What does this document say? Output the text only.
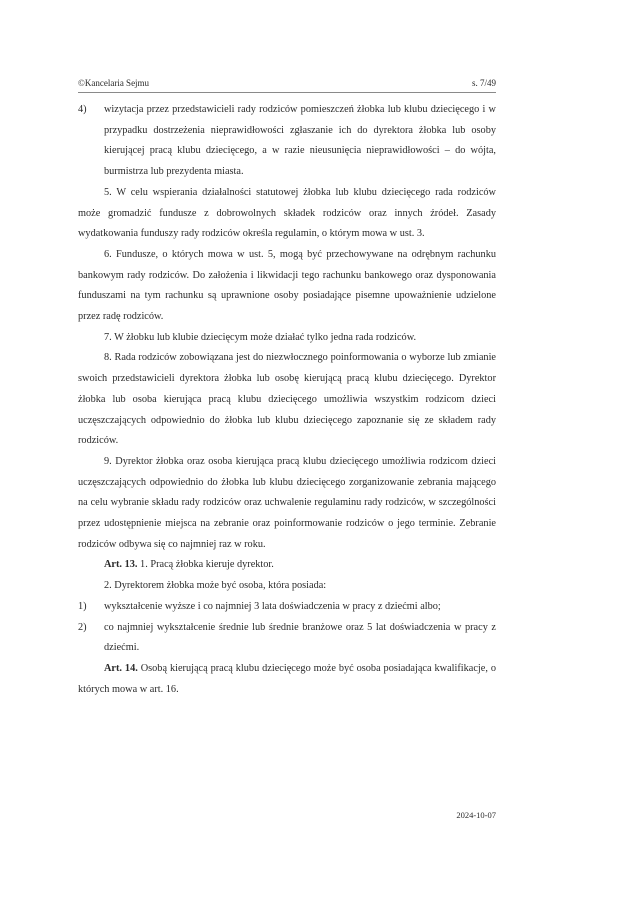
©Kancelaria Sejmu	s. 7/49
4)	wizytacja przez przedstawicieli rady rodziców pomieszczeń żłobka lub klubu dziecięcego i w przypadku dostrzeżenia nieprawidłowości zgłaszanie ich do dyrektora żłobka lub osoby kierującej pracą klubu dziecięcego, a w razie nieusunięcia nieprawidłowości – do wójta, burmistrza lub prezydenta miasta.

5. W celu wspierania działalności statutowej żłobka lub klubu dziecięcego rada rodziców może gromadzić fundusze z dobrowolnych składek rodziców oraz innych źródeł. Zasady wydatkowania funduszy rady rodziców określa regulamin, o którym mowa w ust. 3.

6. Fundusze, o których mowa w ust. 5, mogą być przechowywane na odrębnym rachunku bankowym rady rodziców. Do założenia i likwidacji tego rachunku bankowego oraz dysponowania funduszami na tym rachunku są uprawnione osoby posiadające pisemne upoważnienie udzielone przez radę rodziców.

7. W żłobku lub klubie dziecięcym może działać tylko jedna rada rodziców.

8. Rada rodziców zobowiązana jest do niezwłocznego poinformowania o wyborze lub zmianie swoich przedstawicieli dyrektora żłobka lub osobę kierującą pracą klubu dziecięcego. Dyrektor żłobka lub osoba kierująca pracą klubu dziecięcego umożliwia wszystkim rodzicom dzieci uczęszczających odpowiednio do żłobka lub klubu dziecięcego zapoznanie się ze składem rady rodziców.

9. Dyrektor żłobka oraz osoba kierująca pracą klubu dziecięcego umożliwia rodzicom dzieci uczęszczających odpowiednio do żłobka lub klubu dziecięcego zorganizowanie zebrania mającego na celu wybranie składu rady rodziców oraz uchwalenie regulaminu rady rodziców, w szczególności przez udostępnienie miejsca na zebranie oraz poinformowanie rodziców o jego terminie. Zebranie rodziców odbywa się co najmniej raz w roku.

Art. 13. 1. Pracą żłobka kieruje dyrektor.

2. Dyrektorem żłobka może być osoba, która posiada:

1)	wykształcenie wyższe i co najmniej 3 lata doświadczenia w pracy z dziećmi albo;
2)	co najmniej wykształcenie średnie lub średnie branżowe oraz 5 lat doświadczenia w pracy z dziećmi.

Art. 14. Osobą kierującą pracą klubu dziecięcego może być osoba posiadająca kwalifikacje, o których mowa w art. 16.

2024-10-07
